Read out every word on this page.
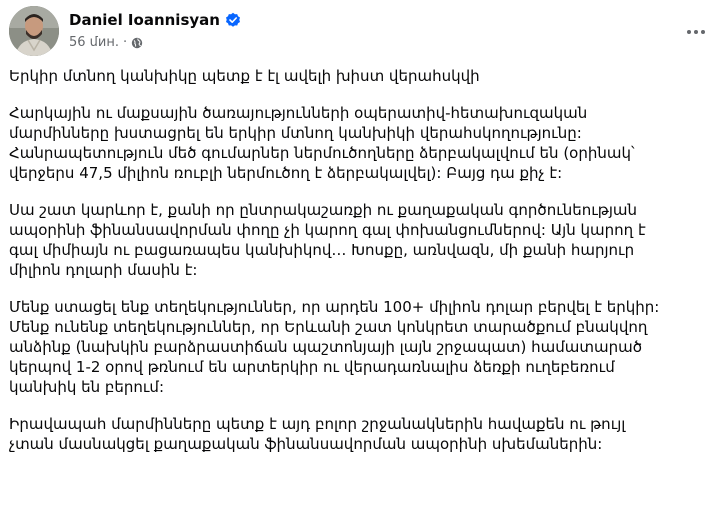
Daniel Ioannisyan
56 մин. ·

Երկիր մտնող կանխիկը պետք է էլ ավելի խիստ վերահսկվի

Հարկային ու մաքսային ծառայությունների օպերատիվ-հետախուզական
մարմինները խստացրել են երկիր մտնող կանխիկի վերահսկողությունը:
Հանրապետություն մեծ գումարներ ներմուծողները ձերբակալվում են (օրինակ՝
վերջերս 47,5 միլիոն ռուբլի ներմուծող է ձերբակալվել): Բայց դա քիչ է:

Սա շատ կարևոր է, քանի որ ընտրակաշառքի ու քաղաքական գործունեության
ապօրինի ֆինանսավորման փողը չի կարող գալ փոխանցումներով: Այն կարող է
գալ միմիայն ու բացառապես կանխիկով… Խոսքը, առնվազն, մի քանի հարյուր
միլիոն դոլարի մասին է:

Մենք ստացել ենք տեղեկություններ, որ արդեն 100+ միլիոն դոլար բերվել է երկիր:
Մենք ունենք տեղեկություններ, որ Երևանի շատ կոնկրետ տարածքում բնակվող
անձինք (նախկին բարձրաստիճան պաշտոնյայի լայն շրջապատ) համատարած
կերպով 1-2 օրով թռնում են արտերկիր ու վերադառնալիս ձեռքի ուղեբեռում
կանխիկ են բերում:

Իրավապահ մարմինները պետք է այդ բոլոր շրջանակներին հավաքեն ու թույլ
չտան մասնակցել քաղաքական ֆինանսավորման ապօրինի սխեմաներին:
